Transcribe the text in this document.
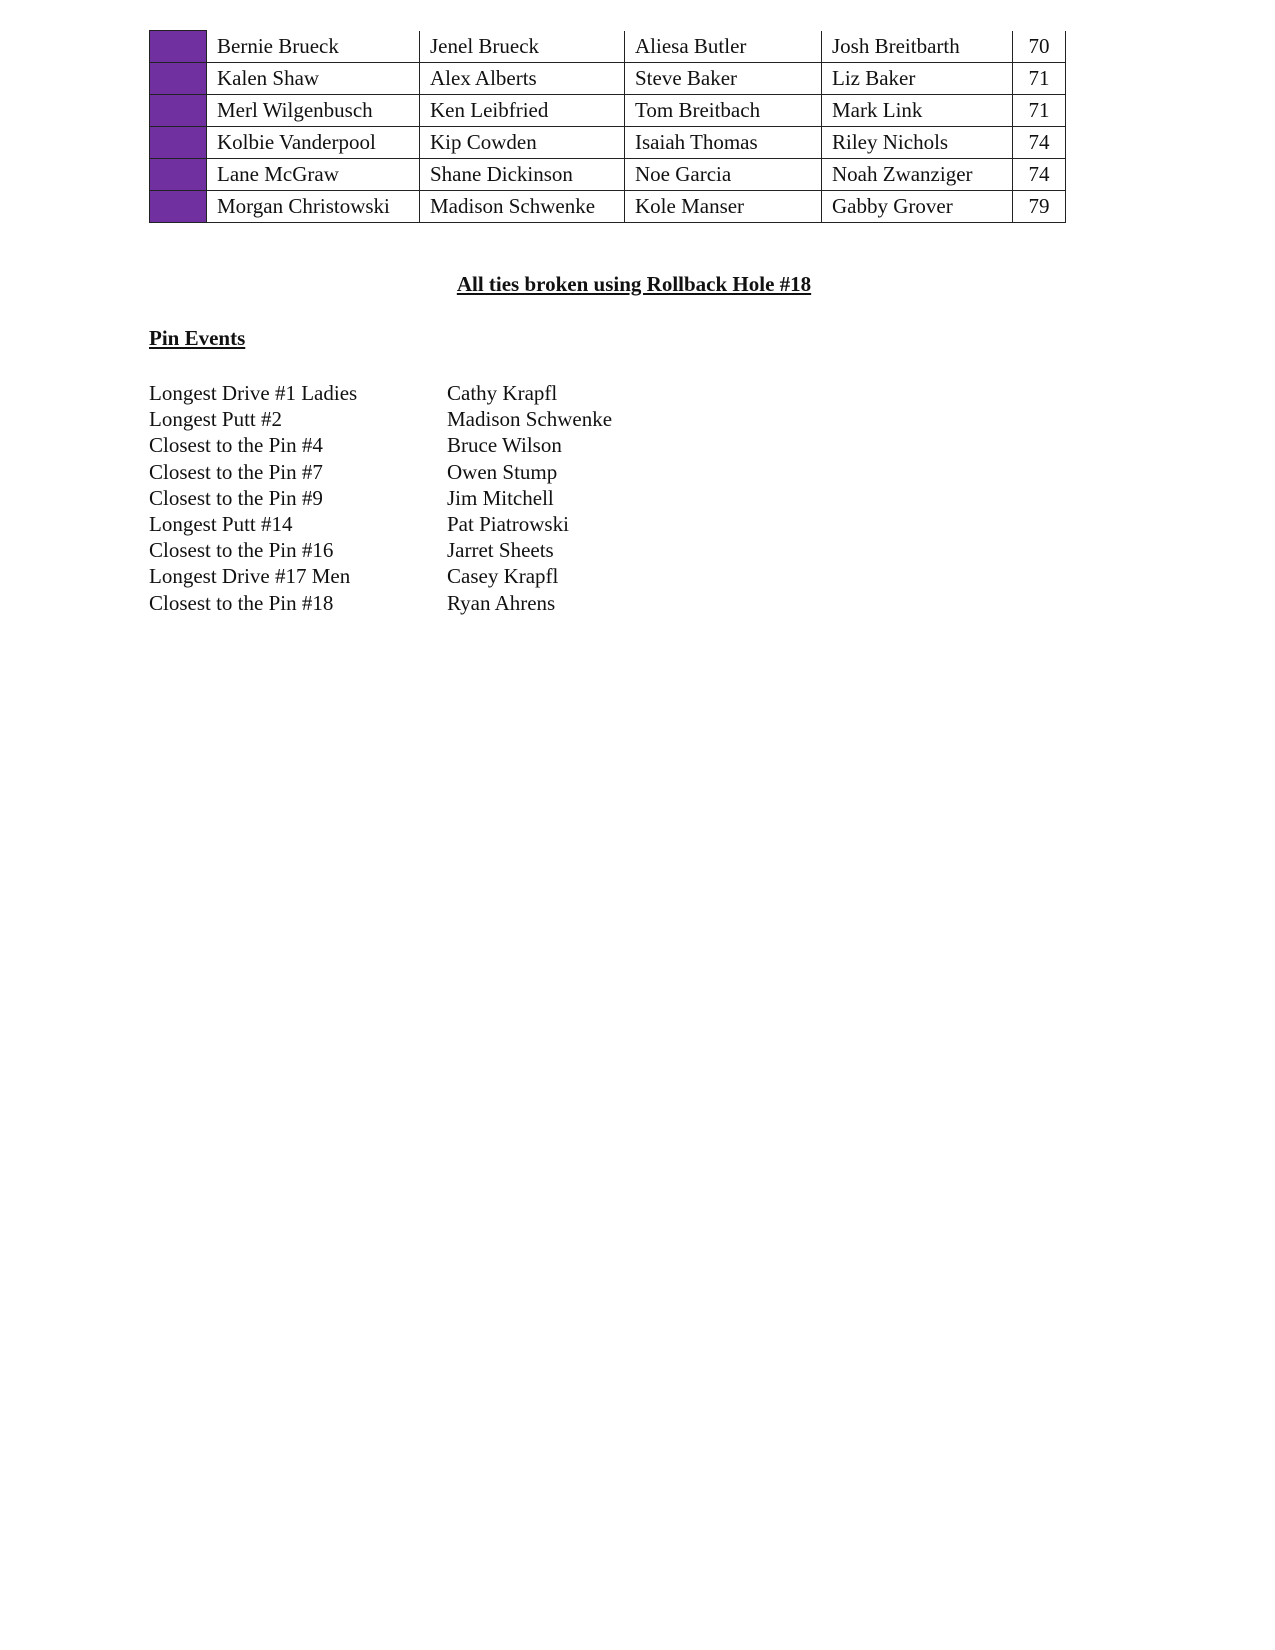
	Bernie Brueck	Jenel Brueck	Aliesa Butler	Josh Breitbarth	70
	Kalen Shaw	Alex Alberts	Steve Baker	Liz Baker	71
	Merl Wilgenbusch	Ken Leibfried	Tom Breitbach	Mark Link	71
	Kolbie Vanderpool	Kip Cowden	Isaiah Thomas	Riley Nichols	74
	Lane McGraw	Shane Dickinson	Noe Garcia	Noah Zwanziger	74
	Morgan Christowski	Madison Schwenke	Kole Manser	Gabby Grover	79
All ties broken using Rollback Hole #18
Pin Events
Longest Drive #1 Ladies	Cathy Krapfl
Longest Putt #2	Madison Schwenke
Closest to the Pin #4	Bruce Wilson
Closest to the Pin #7	Owen Stump
Closest to the Pin #9	Jim Mitchell
Longest Putt #14	Pat Piatrowski
Closest to the Pin #16	Jarret Sheets
Longest Drive #17 Men	Casey Krapfl
Closest to the Pin #18	Ryan Ahrens
